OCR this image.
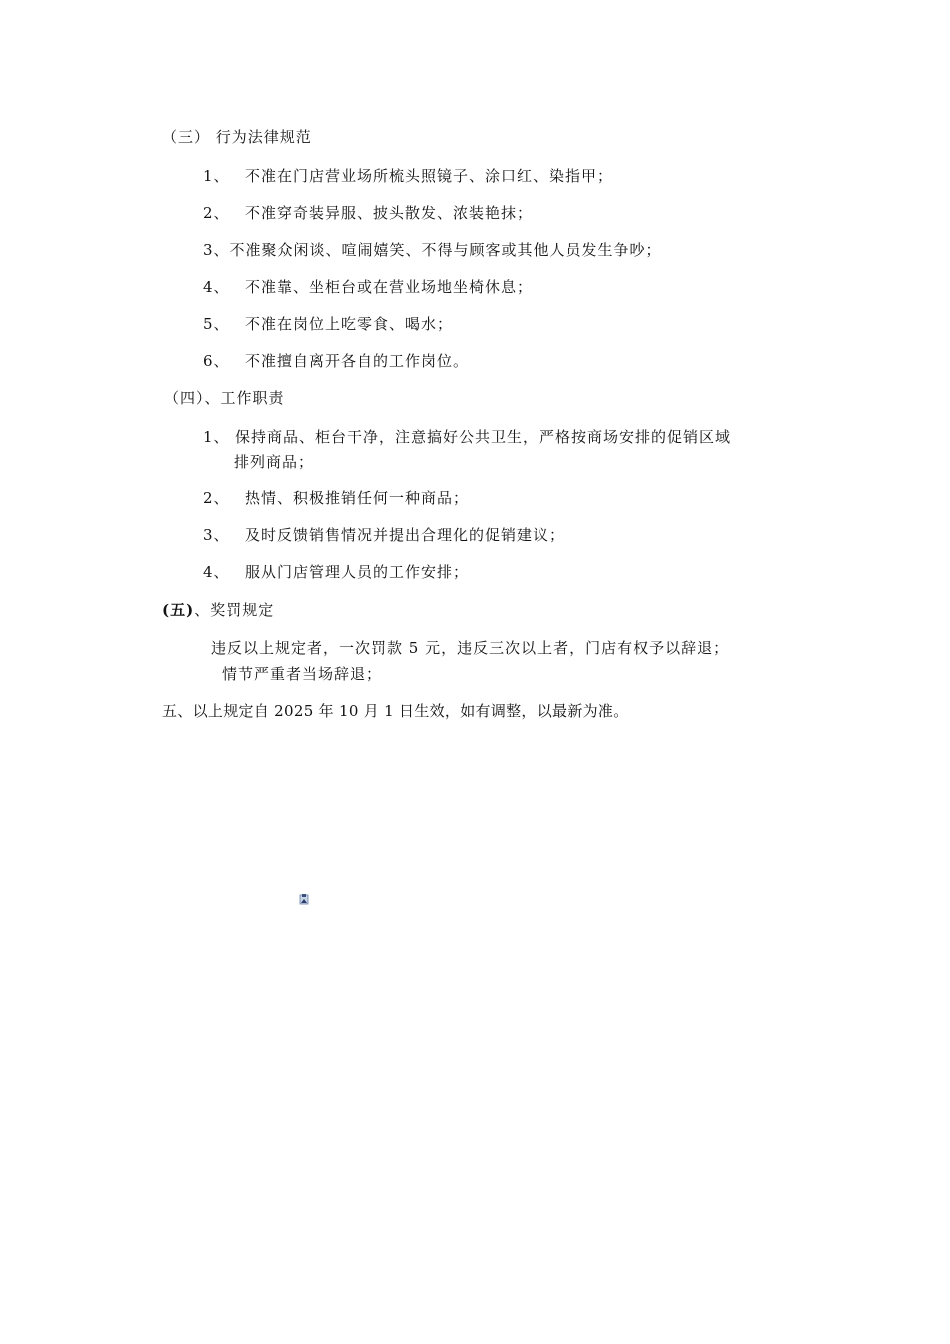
（三） 行为法律规范
1、 不准在门店营业场所梳头照镜子、涂口红、染指甲；
2、 不准穿奇装异服、披头散发、浓装艳抹；
3、不准聚众闲谈、喧闹嬉笑、不得与顾客或其他人员发生争吵；
4、 不准靠、坐柜台或在营业场地坐椅休息；
5、 不准在岗位上吃零食、喝水；
6、 不准擅自离开各自的工作岗位。
（四）、工作职责
1、 保持商品、柜台干净，注意搞好公共卫生，严格按商场安排的促销区域
排列商品；
2、 热情、积极推销任何一种商品；
3、 及时反馈销售情况并提出合理化的促销建议；
4、 服从门店管理人员的工作安排；
(五)、奖罚规定
违反以上规定者，一次罚款 5 元，违反三次以上者，门店有权予以辞退；
情节严重者当场辞退；
五、以上规定自 2025 年 10 月 1 日生效，如有调整，以最新为准。
